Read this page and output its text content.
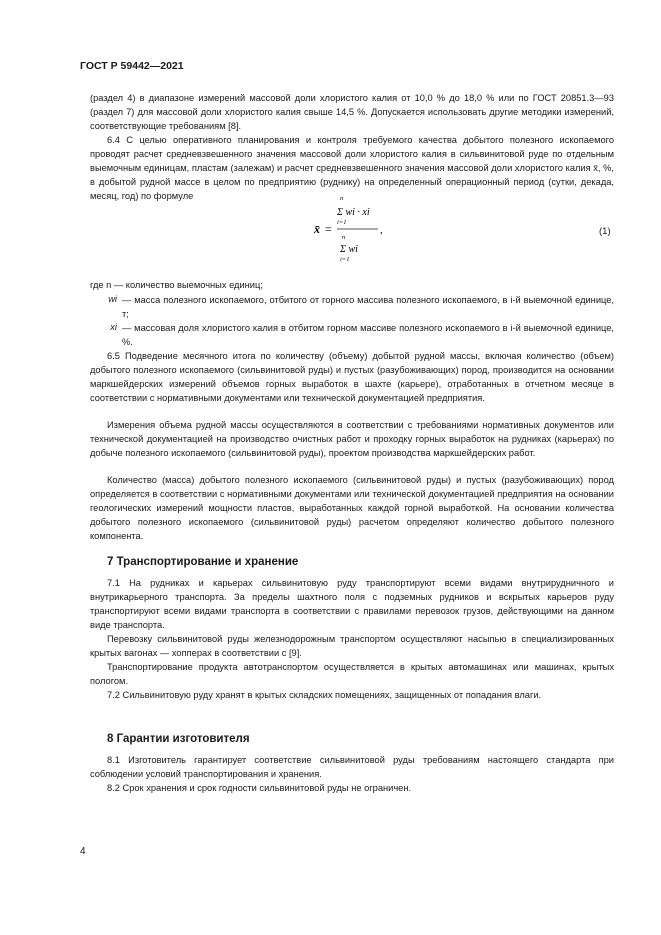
ГОСТ Р 59442—2021

(раздел 4) в диапазоне измерений массовой доли хлористого калия от 10,0 % до 18,0 % или по ГОСТ 20851.3—93 (раздел 7) для массовой доли хлористого калия свыше 14,5 %. Допускается использовать другие методики измерений, соответствующие требованиям [8].

6.4 С целью оперативного планирования и контроля требуемого качества добытого полезного ископаемого проводят расчет средневзвешенного значения массовой доли хлористого калия в сильвинитовой руде по отдельным выемочным единицам, пластам (залежам) и расчет средневзвешенного значения массовой доли хлористого калия x̄, %, в добытой рудной массе в целом по предприятию (руднику) на определенный операционный период (сутки, декада, месяц, год) по формуле

x̄ =
n
Σ wi · xi
i=1
n
Σ wi
i=1
,	(1)
где n — количество выемочных единиц;
wi — масса полезного ископаемого, отбитого от горного массива полезного ископаемого, в i-й выемочной единице, т;
xi — массовая доля хлористого калия в отбитом горном массиве полезного ископаемого в i-й выемочной единице, %.

6.5 Подведение месячного итога по количеству (объему) добытой рудной массы, включая количество (объем) добытого полезного ископаемого (сильвинитовой руды) и пустых (разубоживающих) пород, производится на основании маркшейдерских измерений объемов горных выработок в шахте (карьере), отработанных в отчетном месяце в соответствии с нормативными документами или технической документацией предприятия.

Измерения объема рудной массы осуществляются в соответствии с требованиями нормативных документов или технической документацией на производство очистных работ и проходку горных выработок на рудниках (карьерах) по добыче полезного ископаемого (сильвинитовой руды), проектом производства маркшейдерских работ.

Количество (масса) добытого полезного ископаемого (сильвинитовой руды) и пустых (разубоживающих) пород определяется в соответствии с нормативными документами или технической документацией предприятия на основании геологических измерений мощности пластов, выработанных каждой горной выработкой. На основании количества добытого полезного ископаемого (сильвинитовой руды) расчетом определяют количество добытого полезного компонента.

7 Транспортирование и хранение

7.1 На рудниках и карьерах сильвинитовую руду транспортируют всеми видами внутрирудничного и внутрикарьерного транспорта. За пределы шахтного поля с подземных рудников и вскрытых карьеров руду транспортируют всеми видами транспорта в соответствии с правилами перевозок грузов, действующими на данном виде транспорта.

Перевозку сильвинитовой руды железнодорожным транспортом осуществляют насыпью в специализированных крытых вагонах — хопперах в соответствии с [9].

Транспортирование продукта автотранспортом осуществляется в крытых автомашинах или машинах, крытых пологом.

7.2 Сильвинитовую руду хранят в крытых складских помещениях, защищенных от попадания влаги.

8 Гарантии изготовителя

8.1 Изготовитель гарантирует соответствие сильвинитовой руды требованиям настоящего стандарта при соблюдении условий транспортирования и хранения.

8.2 Срок хранения и срок годности сильвинитовой руды не ограничен.

4
